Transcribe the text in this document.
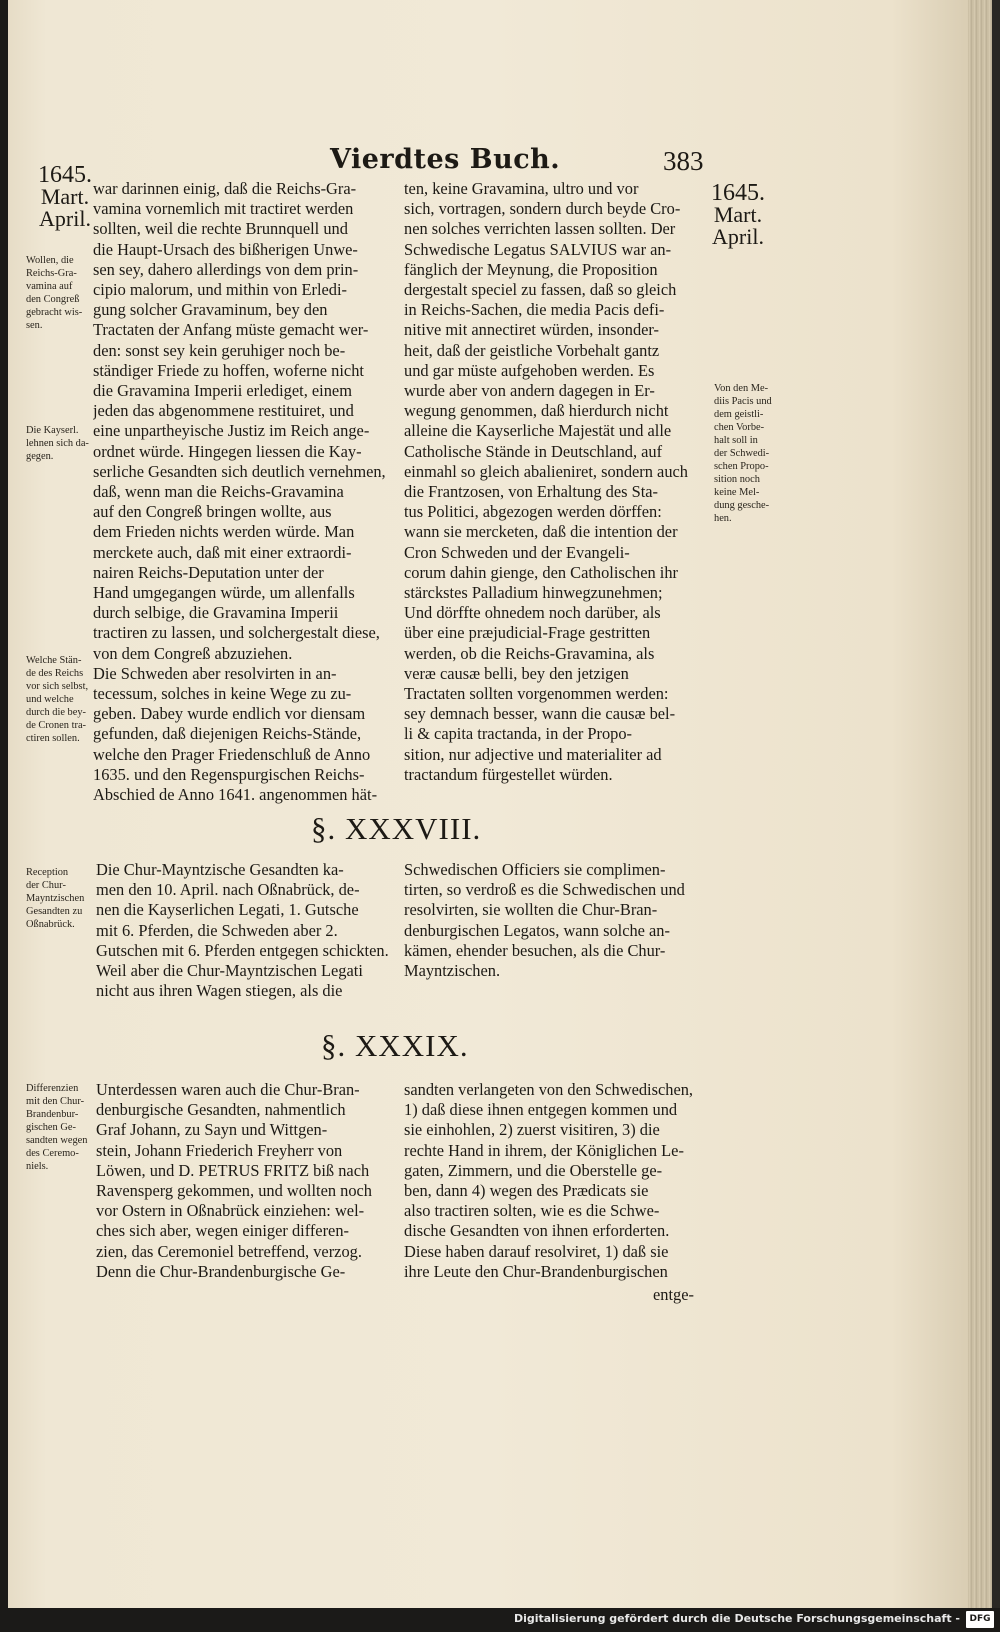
Vierdtes Buch.	383
1645.
Mart.
April.
1645.
Mart.
April.
war darinnen einig, daß die Reichs-Gra-
vamina vornemlich mit tractiret werden
sollten, weil die rechte Brunnquell und
die Haupt-Ursach des bißherigen Unwe-
sen sey, dahero allerdings von dem prin-
cipio malorum, und mithin von Erledi-
gung solcher Gravaminum, bey den
Tractaten der Anfang müste gemacht wer-
den: sonst sey kein geruhiger noch be-
ständiger Friede zu hoffen, woferne nicht
die Gravamina Imperii erlediget, einem
jeden das abgenommene restituiret, und
eine unpartheyische Justiz im Reich ange-
ordnet würde. Hingegen liessen die Kay-
serliche Gesandten sich deutlich vernehmen,
daß, wenn man die Reichs-Gravamina
auf den Congreß bringen wollte, aus
dem Frieden nichts werden würde. Man
merckete auch, daß mit einer extraordi-
nairen Reichs-Deputation unter der
Hand umgegangen würde, um allenfalls
durch selbige, die Gravamina Imperii
tractiren zu lassen, und solchergestalt diese,
von dem Congreß abzuziehen.
Die Schweden aber resolvirten in an-
tecessum, solches in keine Wege zu zu-
geben. Dabey wurde endlich vor diensam
gefunden, daß diejenigen Reichs-Stände,
welche den Prager Friedenschluß de Anno
1635. und den Regenspurgischen Reichs-
Abschied de Anno 1641. angenommen hät-
ten, keine Gravamina, ultro und vor
sich, vortragen, sondern durch beyde Cro-
nen solches verrichten lassen sollten. Der
Schwedische Legatus SALVIUS war an-
fänglich der Meynung, die Proposition
dergestalt speciel zu fassen, daß so gleich
in Reichs-Sachen, die media Pacis defi-
nitive mit annectiret würden, insonder-
heit, daß der geistliche Vorbehalt gantz
und gar müste aufgehoben werden. Es
wurde aber von andern dagegen in Er-
wegung genommen, daß hierdurch nicht
alleine die Kayserliche Majestät und alle
Catholische Stände in Deutschland, auf
einmahl so gleich abalieniret, sondern auch
die Frantzosen, von Erhaltung des Sta-
tus Politici, abgezogen werden dörffen:
wann sie mercketen, daß die intention der
Cron Schweden und der Evangeli-
corum dahin gienge, den Catholischen ihr
stärckstes Palladium hinwegzunehmen;
Und dörffte ohnedem noch darüber, als
über eine præjudicial-Frage gestritten
werden, ob die Reichs-Gravamina, als
veræ causæ belli, bey den jetzigen
Tractaten sollten vorgenommen werden:
sey demnach besser, wann die causæ bel-
li & capita tractanda, in der Propo-
sition, nur adjective und materialiter ad
tractandum fürgestellet würden.
Wollen, die
Reichs-Gra-
vamina auf
den Congreß
gebracht wis-
sen.
Die Kayserl.
lehnen sich da-
gegen.
Welche Stän-
de des Reichs
vor sich selbst,
und welche
durch die bey-
de Cronen tra-
ctiren sollen.
Von den Me-
diis Pacis und
dem geistli-
chen Vorbe-
halt soll in
der Schwedi-
schen Propo-
sition noch
keine Mel-
dung gesche-
hen.
§. XXXVIII.
Reception
der Chur-
Mayntzischen
Gesandten zu
Oßnabrück.
Die Chur-Mayntzische Gesandten ka-
men den 10. April. nach Oßnabrück, de-
nen die Kayserlichen Legati, 1. Gutsche
mit 6. Pferden, die Schweden aber 2.
Gutschen mit 6. Pferden entgegen schickten.
Weil aber die Chur-Mayntzischen Legati
nicht aus ihren Wagen stiegen, als die
Schwedischen Officiers sie complimen-
tirten, so verdroß es die Schwedischen und
resolvirten, sie wollten die Chur-Bran-
denburgischen Legatos, wann solche an-
kämen, ehender besuchen, als die Chur-
Mayntzischen.
§. XXXIX.
Differenzien
mit den Chur-
Brandenbur-
gischen Ge-
sandten wegen
des Ceremo-
niels.
Unterdessen waren auch die Chur-Bran-
denburgische Gesandten, nahmentlich
Graf Johann, zu Sayn und Wittgen-
stein, Johann Friederich Freyherr von
Löwen, und D. PETRUS FRITZ biß nach
Ravensperg gekommen, und wollten noch
vor Ostern in Oßnabrück einziehen: wel-
ches sich aber, wegen einiger differen-
zien, das Ceremoniel betreffend, verzog.
Denn die Chur-Brandenburgische Ge-
sandten verlangeten von den Schwedischen,
1) daß diese ihnen entgegen kommen und
sie einhohlen, 2) zuerst visitiren, 3) die
rechte Hand in ihrem, der Königlichen Le-
gaten, Zimmern, und die Oberstelle ge-
ben, dann 4) wegen des Prædicats sie
also tractiren solten, wie es die Schwe-
dische Gesandten von ihnen erforderten.
Diese haben darauf resolviret, 1) daß sie
ihre Leute den Chur-Brandenburgischen
entge-
Digitalisierung gefördert durch die Deutsche Forschungsgemeinschaft -	DFG
